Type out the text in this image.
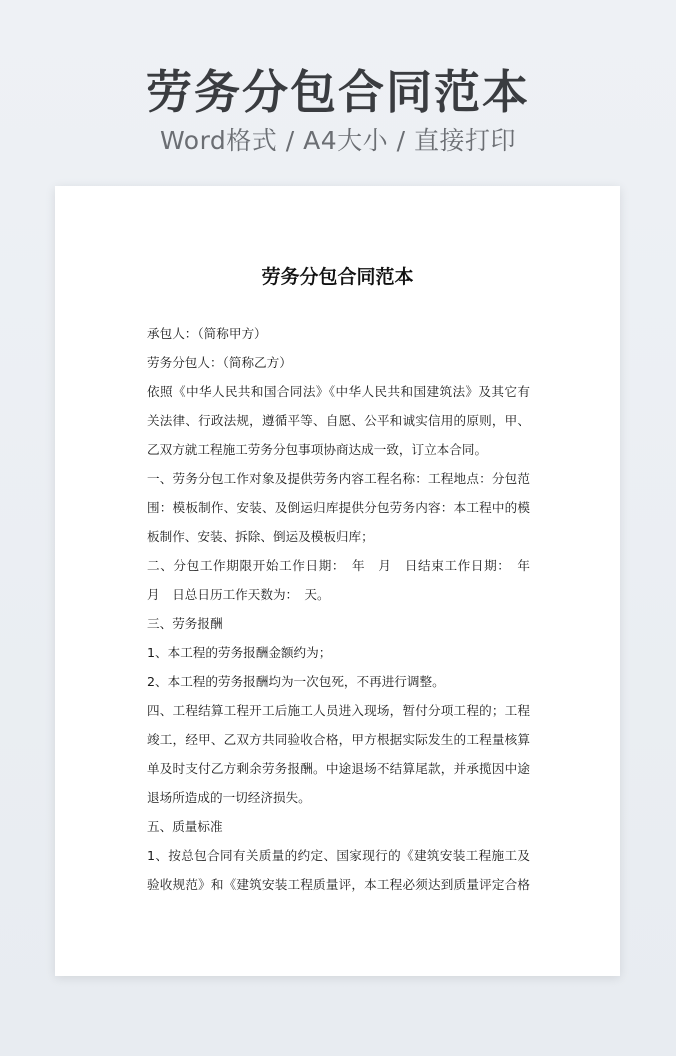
劳务分包合同范本
Word格式 / A4大小 / 直接打印
劳务分包合同范本
承包人：（简称甲方）
劳务分包人：（简称乙方）
依照《中华人民共和国合同法》《中华人民共和国建筑法》及其它有
关法律、行政法规，遵循平等、自愿、公平和诚实信用的原则，甲、
乙双方就工程施工劳务分包事项协商达成一致，订立本合同。
一、劳务分包工作对象及提供劳务内容工程名称：工程地点：分包范
围：模板制作、安装、及倒运归库提供分包劳务内容：本工程中的模
板制作、安装、拆除、倒运及模板归库；
二、分包工作期限开始工作日期：　年　月　日结束工作日期：　年
月　日总日历工作天数为：　天。
三、劳务报酬
1、本工程的劳务报酬金额约为；
2、本工程的劳务报酬均为一次包死，不再进行调整。
四、工程结算工程开工后施工人员进入现场，暂付分项工程的；工程
竣工，经甲、乙双方共同验收合格，甲方根据实际发生的工程量核算
单及时支付乙方剩余劳务报酬。中途退场不结算尾款，并承揽因中途
退场所造成的一切经济损失。
五、质量标准
1、按总包合同有关质量的约定、国家现行的《建筑安装工程施工及
验收规范》和《建筑安装工程质量评，本工程必须达到质量评定合格
